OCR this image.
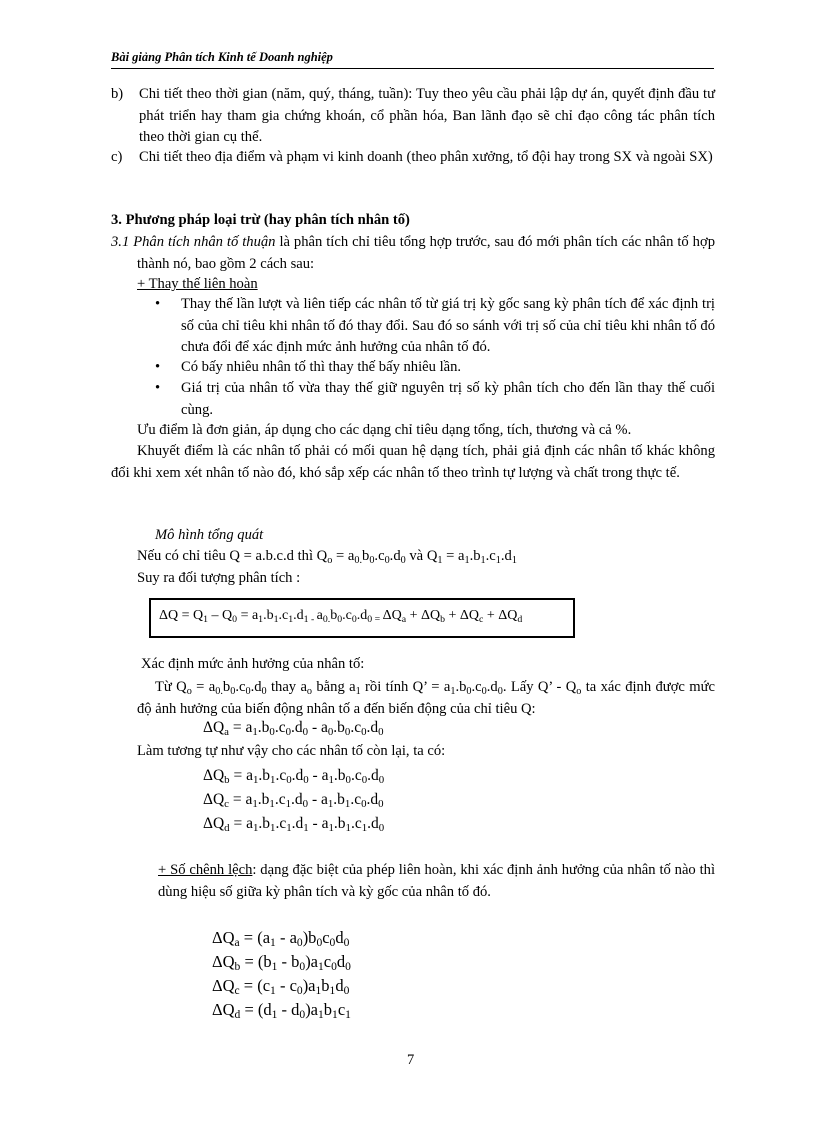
Bài giảng Phân tích Kinh tế Doanh nghiệp
b) Chi tiết theo thời gian (năm, quý, tháng, tuần): Tuy theo yêu cầu phải lập dự án, quyết định đầu tư phát triển hay tham gia chứng khoán, cổ phần hóa, Ban lãnh đạo sẽ chỉ đạo công tác phân tích theo thời gian cụ thể.
c) Chi tiết theo địa điểm và phạm vi kinh doanh (theo phân xưởng, tổ đội hay trong SX và ngoài SX)
3. Phương pháp loại trừ (hay phân tích nhân tố)
3.1 Phân tích nhân tố thuận là phân tích chỉ tiêu tổng hợp trước, sau đó mới phân tích các nhân tố hợp thành nó, bao gồm 2 cách sau:
+ Thay thế liên hoàn
• Thay thế lần lượt và liên tiếp các nhân tố từ giá trị kỳ gốc sang kỳ phân tích để xác định trị số của chỉ tiêu khi nhân tố đó thay đổi. Sau đó so sánh với trị số của chỉ tiêu khi nhân tố đó chưa đổi để xác định mức ảnh hưởng của nhân tố đó.
• Có bấy nhiêu nhân tố thì thay thế bấy nhiêu lần.
• Giá trị của nhân tố vừa thay thế giữ nguyên trị số kỳ phân tích cho đến lần thay thế cuối cùng.
Ưu điểm là đơn giản, áp dụng cho các dạng chỉ tiêu dạng tổng, tích, thương và cả %.
Khuyết điểm là các nhân tố phải có mối quan hệ dạng tích, phải giả định các nhân tố khác không đổi khi xem xét nhân tố nào đó, khó sắp xếp các nhân tố theo trình tự lượng và chất trong thực tế.
Mô hình tổng quát
Nếu có chỉ tiêu Q = a.b.c.d thì $Q_o = a_{0.}b_0.c_0.d_0$ và $Q_1 = a_1.b_1.c_1.d_1$
Suy ra đối tượng phân tích :
$\Delta Q = Q_1 - Q_0 = a_1.b_1.c_1.d_{1 -}$ $a_{0.}b_0.c_0.d_{0 =}$ $\Delta Q_a + \Delta Q_b + \Delta Q_c + \Delta Q_d$
Xác định mức ảnh hưởng của nhân tố:
Từ $Q_o = a_{0.}b_0.c_0.d_0$ thay $a_o$ bằng $a_1$ rồi tính Q’ = $a_1.b_0.c_0.d_0$. Lấy Q’ - $Q_o$ ta xác định được mức độ ảnh hưởng của biến động nhân tố a đến biến động của chỉ tiêu Q:
$\Delta Q_a = a_1.b_0.c_0.d_0 - a_0.b_0.c_0.d_0$
Làm tương tự như vậy cho các nhân tố còn lại, ta có:
$\Delta Q_b = a_1.b_1.c_0.d_0 - a_1.b_0.c_0.d_0$
$\Delta Q_c = a_1.b_1.c_1.d_0 - a_1.b_1.c_0.d_0$
$\Delta Q_d = a_1.b_1.c_1.d_1 - a_1.b_1.c_1.d_0$
+ Số chênh lệch: dạng đặc biệt của phép liên hoàn, khi xác định ảnh hưởng của nhân tố nào thì dùng hiệu số giữa kỳ phân tích và kỳ gốc của nhân tố đó.
$\Delta Q_a = (a_1 - a_0)b_0c_0d_0$
$\Delta Q_b = (b_1 - b_0)a_1c_0d_0$
$\Delta Q_c = (c_1 - c_0)a_1b_1d_0$
$\Delta Q_d = (d_1 - d_0)a_1b_1c_1$
7
